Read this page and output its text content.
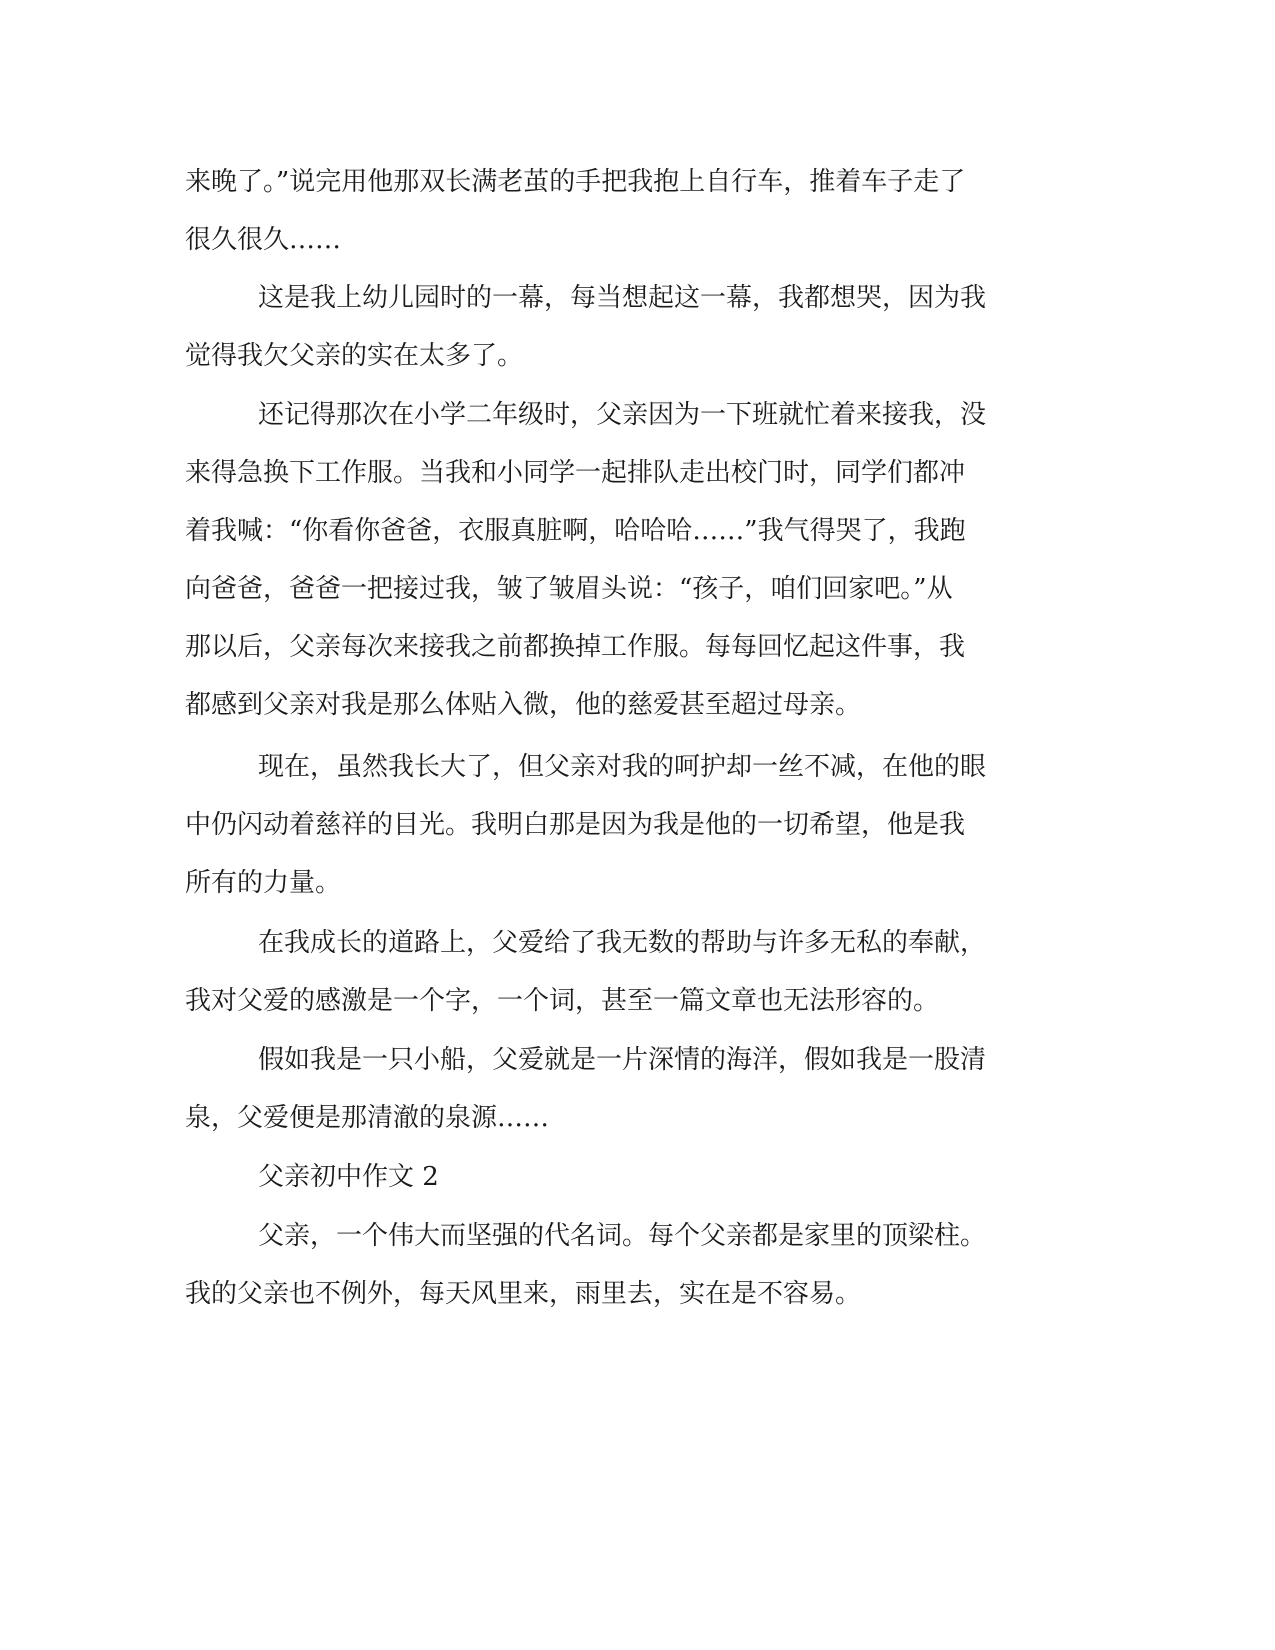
来晚了。”说完用他那双长满老茧的手把我抱上自行车，推着车子走了
很久很久……

这是我上幼儿园时的一幕，每当想起这一幕，我都想哭，因为我
觉得我欠父亲的实在太多了。

还记得那次在小学二年级时，父亲因为一下班就忙着来接我，没
来得急换下工作服。当我和小同学一起排队走出校门时，同学们都冲
着我喊：“你看你爸爸，衣服真脏啊，哈哈哈……”我气得哭了，我跑
向爸爸，爸爸一把接过我，皱了皱眉头说：“孩子，咱们回家吧。”从
那以后，父亲每次来接我之前都换掉工作服。每每回忆起这件事，我
都感到父亲对我是那么体贴入微，他的慈爱甚至超过母亲。

现在，虽然我长大了，但父亲对我的呵护却一丝不减，在他的眼
中仍闪动着慈祥的目光。我明白那是因为我是他的一切希望，他是我
所有的力量。

在我成长的道路上，父爱给了我无数的帮助与许多无私的奉献，
我对父爱的感激是一个字，一个词，甚至一篇文章也无法形容的。

假如我是一只小船，父爱就是一片深情的海洋，假如我是一股清
泉，父爱便是那清澈的泉源……

父亲初中作文 2

父亲，一个伟大而坚强的代名词。每个父亲都是家里的顶梁柱。
我的父亲也不例外，每天风里来，雨里去，实在是不容易。
